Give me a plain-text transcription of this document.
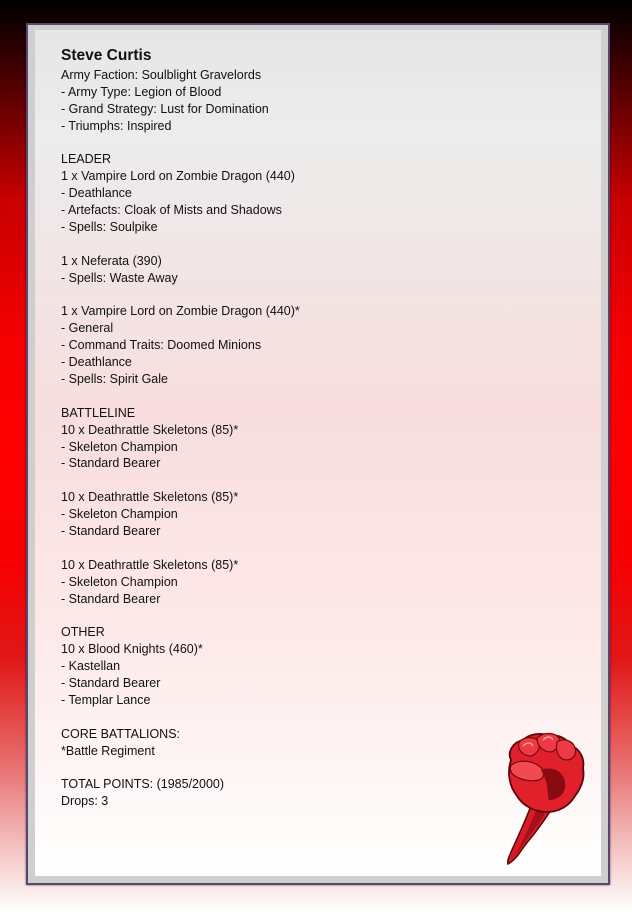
Steve Curtis
Army Faction: Soulblight Gravelords
- Army Type: Legion of Blood
- Grand Strategy: Lust for Domination
- Triumphs: Inspired
LEADER
1 x Vampire Lord on Zombie Dragon (440)
- Deathlance
- Artefacts: Cloak of Mists and Shadows
- Spells: Soulpike
1 x Neferata (390)
- Spells: Waste Away
1 x Vampire Lord on Zombie Dragon (440)*
- General
- Command Traits: Doomed Minions
- Deathlance
- Spells: Spirit Gale
BATTLELINE
10 x Deathrattle Skeletons (85)*
- Skeleton Champion
- Standard Bearer
10 x Deathrattle Skeletons (85)*
- Skeleton Champion
- Standard Bearer
10 x Deathrattle Skeletons (85)*
- Skeleton Champion
- Standard Bearer
OTHER
10 x Blood Knights (460)*
- Kastellan
- Standard Bearer
- Templar Lance
CORE BATTALIONS:
*Battle Regiment
TOTAL POINTS: (1985/2000)
Drops: 3
